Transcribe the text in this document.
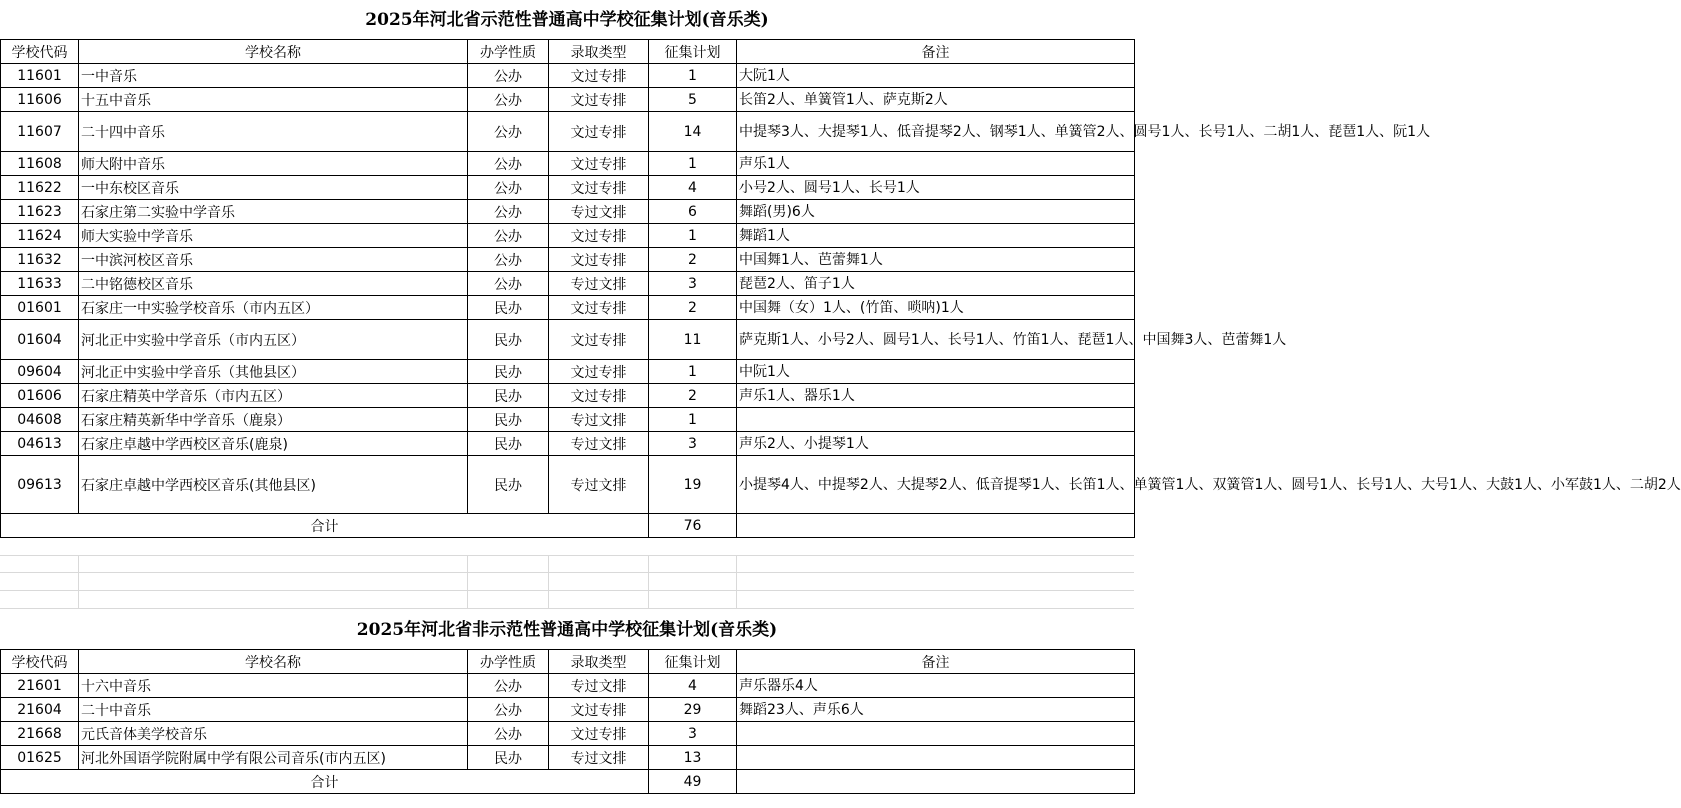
2025年河北省示范性普通高中学校征集计划(音乐类)
学校代码	学校名称	办学性质	录取类型	征集计划	备注
11601	一中音乐	公办	文过专排	1	大阮1人
11606	十五中音乐	公办	文过专排	5	长笛2人、单簧管1人、萨克斯2人
11607	二十四中音乐	公办	文过专排	14	中提琴3人、大提琴1人、低音提琴2人、钢琴1人、单簧管2人、圆号1人、长号1人、二胡1人、琵琶1人、阮1人
11608	师大附中音乐	公办	文过专排	1	声乐1人
11622	一中东校区音乐	公办	文过专排	4	小号2人、圆号1人、长号1人
11623	石家庄第二实验中学音乐	公办	专过文排	6	舞蹈(男)6人
11624	师大实验中学音乐	公办	文过专排	1	舞蹈1人
11632	一中滨河校区音乐	公办	文过专排	2	中国舞1人、芭蕾舞1人
11633	二中铭德校区音乐	公办	专过文排	3	琵琶2人、笛子1人
01601	石家庄一中实验学校音乐（市内五区）	民办	文过专排	2	中国舞（女）1人、(竹笛、唢呐)1人
01604	河北正中实验中学音乐（市内五区）	民办	文过专排	11	萨克斯1人、小号2人、圆号1人、长号1人、竹笛1人、琵琶1人、中国舞3人、芭蕾舞1人
09604	河北正中实验中学音乐（其他县区）	民办	文过专排	1	中阮1人
01606	石家庄精英中学音乐（市内五区）	民办	文过专排	2	声乐1人、器乐1人
04608	石家庄精英新华中学音乐（鹿泉）	民办	专过文排	1	
04613	石家庄卓越中学西校区音乐(鹿泉)	民办	专过文排	3	声乐2人、小提琴1人
09613	石家庄卓越中学西校区音乐(其他县区)	民办	专过文排	19	小提琴4人、中提琴2人、大提琴2人、低音提琴1人、长笛1人、单簧管1人、双簧管1人、圆号1人、长号1人、大号1人、大鼓1人、小军鼓1人、二胡2人
合计				76	
2025年河北省非示范性普通高中学校征集计划(音乐类)
学校代码	学校名称	办学性质	录取类型	征集计划	备注
21601	十六中音乐	公办	专过文排	4	声乐器乐4人
21604	二十中音乐	公办	文过专排	29	舞蹈23人、声乐6人
21668	元氏音体美学校音乐	公办	文过专排	3	
01625	河北外国语学院附属中学有限公司音乐(市内五区)	民办	专过文排	13	
合计				49	
